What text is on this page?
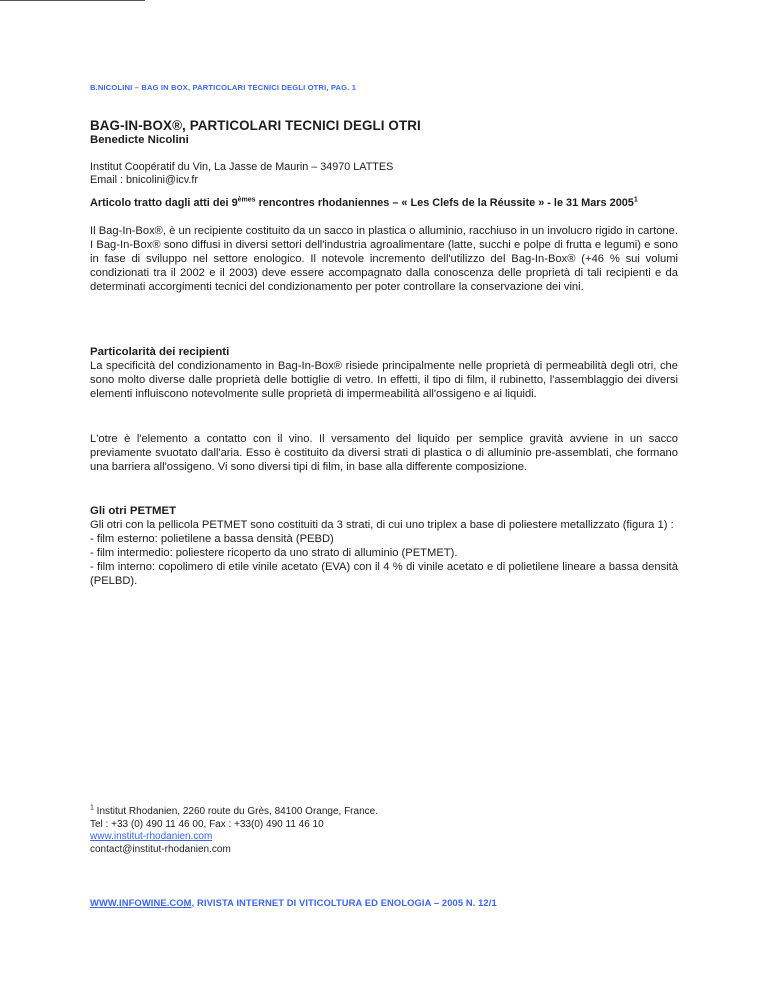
B.NICOLINI – BAG IN BOX, PARTICOLARI TECNICI DEGLI OTRI, PAG. 1
BAG-IN-BOX®, PARTICOLARI TECNICI DEGLI OTRI
Benedicte Nicolini
Institut Coopératif du Vin, La Jasse de Maurin – 34970 LATTES
Email : bnicolini@icv.fr
Articolo tratto dagli atti dei 9èmes rencontres rhodaniennes – « Les Clefs de la Réussite » - le 31 Mars 2005$^1$
Il Bag-In-Box®, è un recipiente costituito da un sacco in plastica o alluminio, racchiuso in un involucro rigido in cartone. I Bag-In-Box® sono diffusi in diversi settori dell'industria agroalimentare (latte, succhi e polpe di frutta e legumi) e sono in fase di sviluppo nel settore enologico. Il notevole incremento dell'utilizzo del Bag-In-Box® (+46 % sui volumi condizionati tra il 2002 e il 2003) deve essere accompagnato dalla conoscenza delle proprietà di tali recipienti e da determinati accorgimenti tecnici del condizionamento per poter controllare la conservazione dei vini.
Particolarità dei recipienti
La specificità del condizionamento in Bag-In-Box® risiede principalmente nelle proprietà di permeabilità degli otri, che sono molto diverse dalle proprietà delle bottiglie di vetro. In effetti, il tipo di film, il rubinetto, l'assemblaggio dei diversi elementi influiscono notevolmente sulle proprietà di impermeabilità all'ossigeno e ai liquidi.
L'otre è l'elemento a contatto con il vino. Il versamento del liquido per semplice gravità avviene in un sacco previamente svuotato dall'aria. Esso è costituito da diversi strati di plastica o di alluminio pre-assemblati, che formano una barriera all'ossigeno. Vi sono diversi tipi di film, in base alla differente composizione.
Gli otri PETMET
Gli otri con la pellicola PETMET sono costituiti da 3 strati, di cui uno triplex a base di poliestere metallizzato (figura 1) :
- film esterno: polietilene a bassa densità (PEBD)
- film intermedio: poliestere ricoperto da uno strato di alluminio (PETMET).
- film interno: copolimero di etile vinile acetato (EVA) con il 4 % di vinile acetato e di polietilene lineare a bassa densità (PELBD).
$^1$ Institut Rhodanien, 2260 route du Grès, 84100 Orange, France.
Tel : +33 (0) 490 11 46 00, Fax : +33(0) 490 11 46 10
www.institut-rhodanien.com
contact@institut-rhodanien.com
WWW.INFOWINE.COM, RIVISTA INTERNET DI VITICOLTURA ED ENOLOGIA – 2005 N. 12/1
